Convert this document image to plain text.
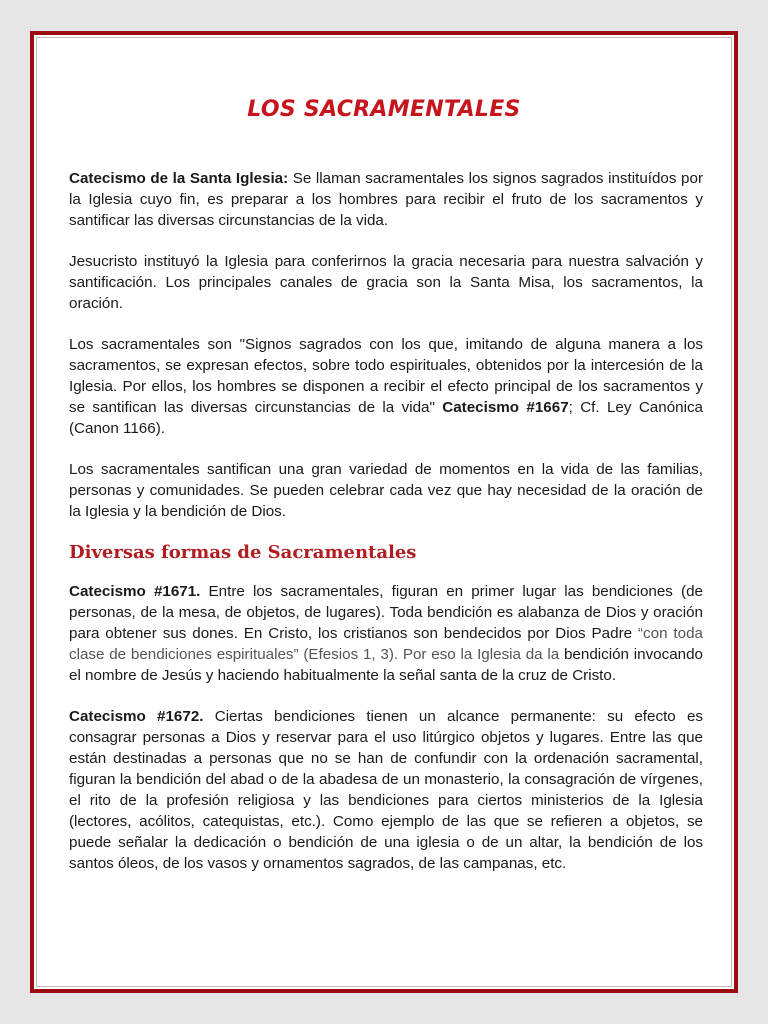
LOS SACRAMENTALES

Catecismo de la Santa Iglesia: Se llaman sacramentales los signos sagrados instituídos por la Iglesia cuyo fin, es preparar a los hombres para recibir el fruto de los sacramentos y santificar las diversas circunstancias de la vida.

Jesucristo instituyó la Iglesia para conferirnos la gracia necesaria para nuestra salvación y santificación. Los principales canales de gracia son la Santa Misa, los sacramentos, la oración.

Los sacramentales son "Signos sagrados con los que, imitando de alguna manera a los sacramentos, se expresan efectos, sobre todo espirituales, obtenidos por la intercesión de la Iglesia. Por ellos, los hombres se disponen a recibir el efecto principal de los sacramentos y se santifican las diversas circunstancias de la vida" Catecismo #1667; Cf. Ley Canónica (Canon 1166).

Los sacramentales santifican una gran variedad de momentos en la vida de las familias, personas y comunidades. Se pueden celebrar cada vez que hay necesidad de la oración de la Iglesia y la bendición de Dios.

Diversas formas de Sacramentales

Catecismo #1671. Entre los sacramentales, figuran en primer lugar las bendiciones (de personas, de la mesa, de objetos, de lugares). Toda bendición es alabanza de Dios y oración para obtener sus dones. En Cristo, los cristianos son bendecidos por Dios Padre “con toda clase de bendiciones espirituales” (Efesios 1, 3). Por eso la Iglesia da la bendición invocando el nombre de Jesús y haciendo habitualmente la señal santa de la cruz de Cristo.

Catecismo #1672. Ciertas bendiciones tienen un alcance permanente: su efecto es consagrar personas a Dios y reservar para el uso litúrgico objetos y lugares. Entre las que están destinadas a personas que no se han de confundir con la ordenación sacramental, figuran la bendición del abad o de la abadesa de un monasterio, la consagración de vírgenes, el rito de la profesión religiosa y las bendiciones para ciertos ministerios de la Iglesia (lectores, acólitos, catequistas, etc.). Como ejemplo de las que se refieren a objetos, se puede señalar la dedicación o bendición de una iglesia o de un altar, la bendición de los santos óleos, de los vasos y ornamentos sagrados, de las campanas, etc.
